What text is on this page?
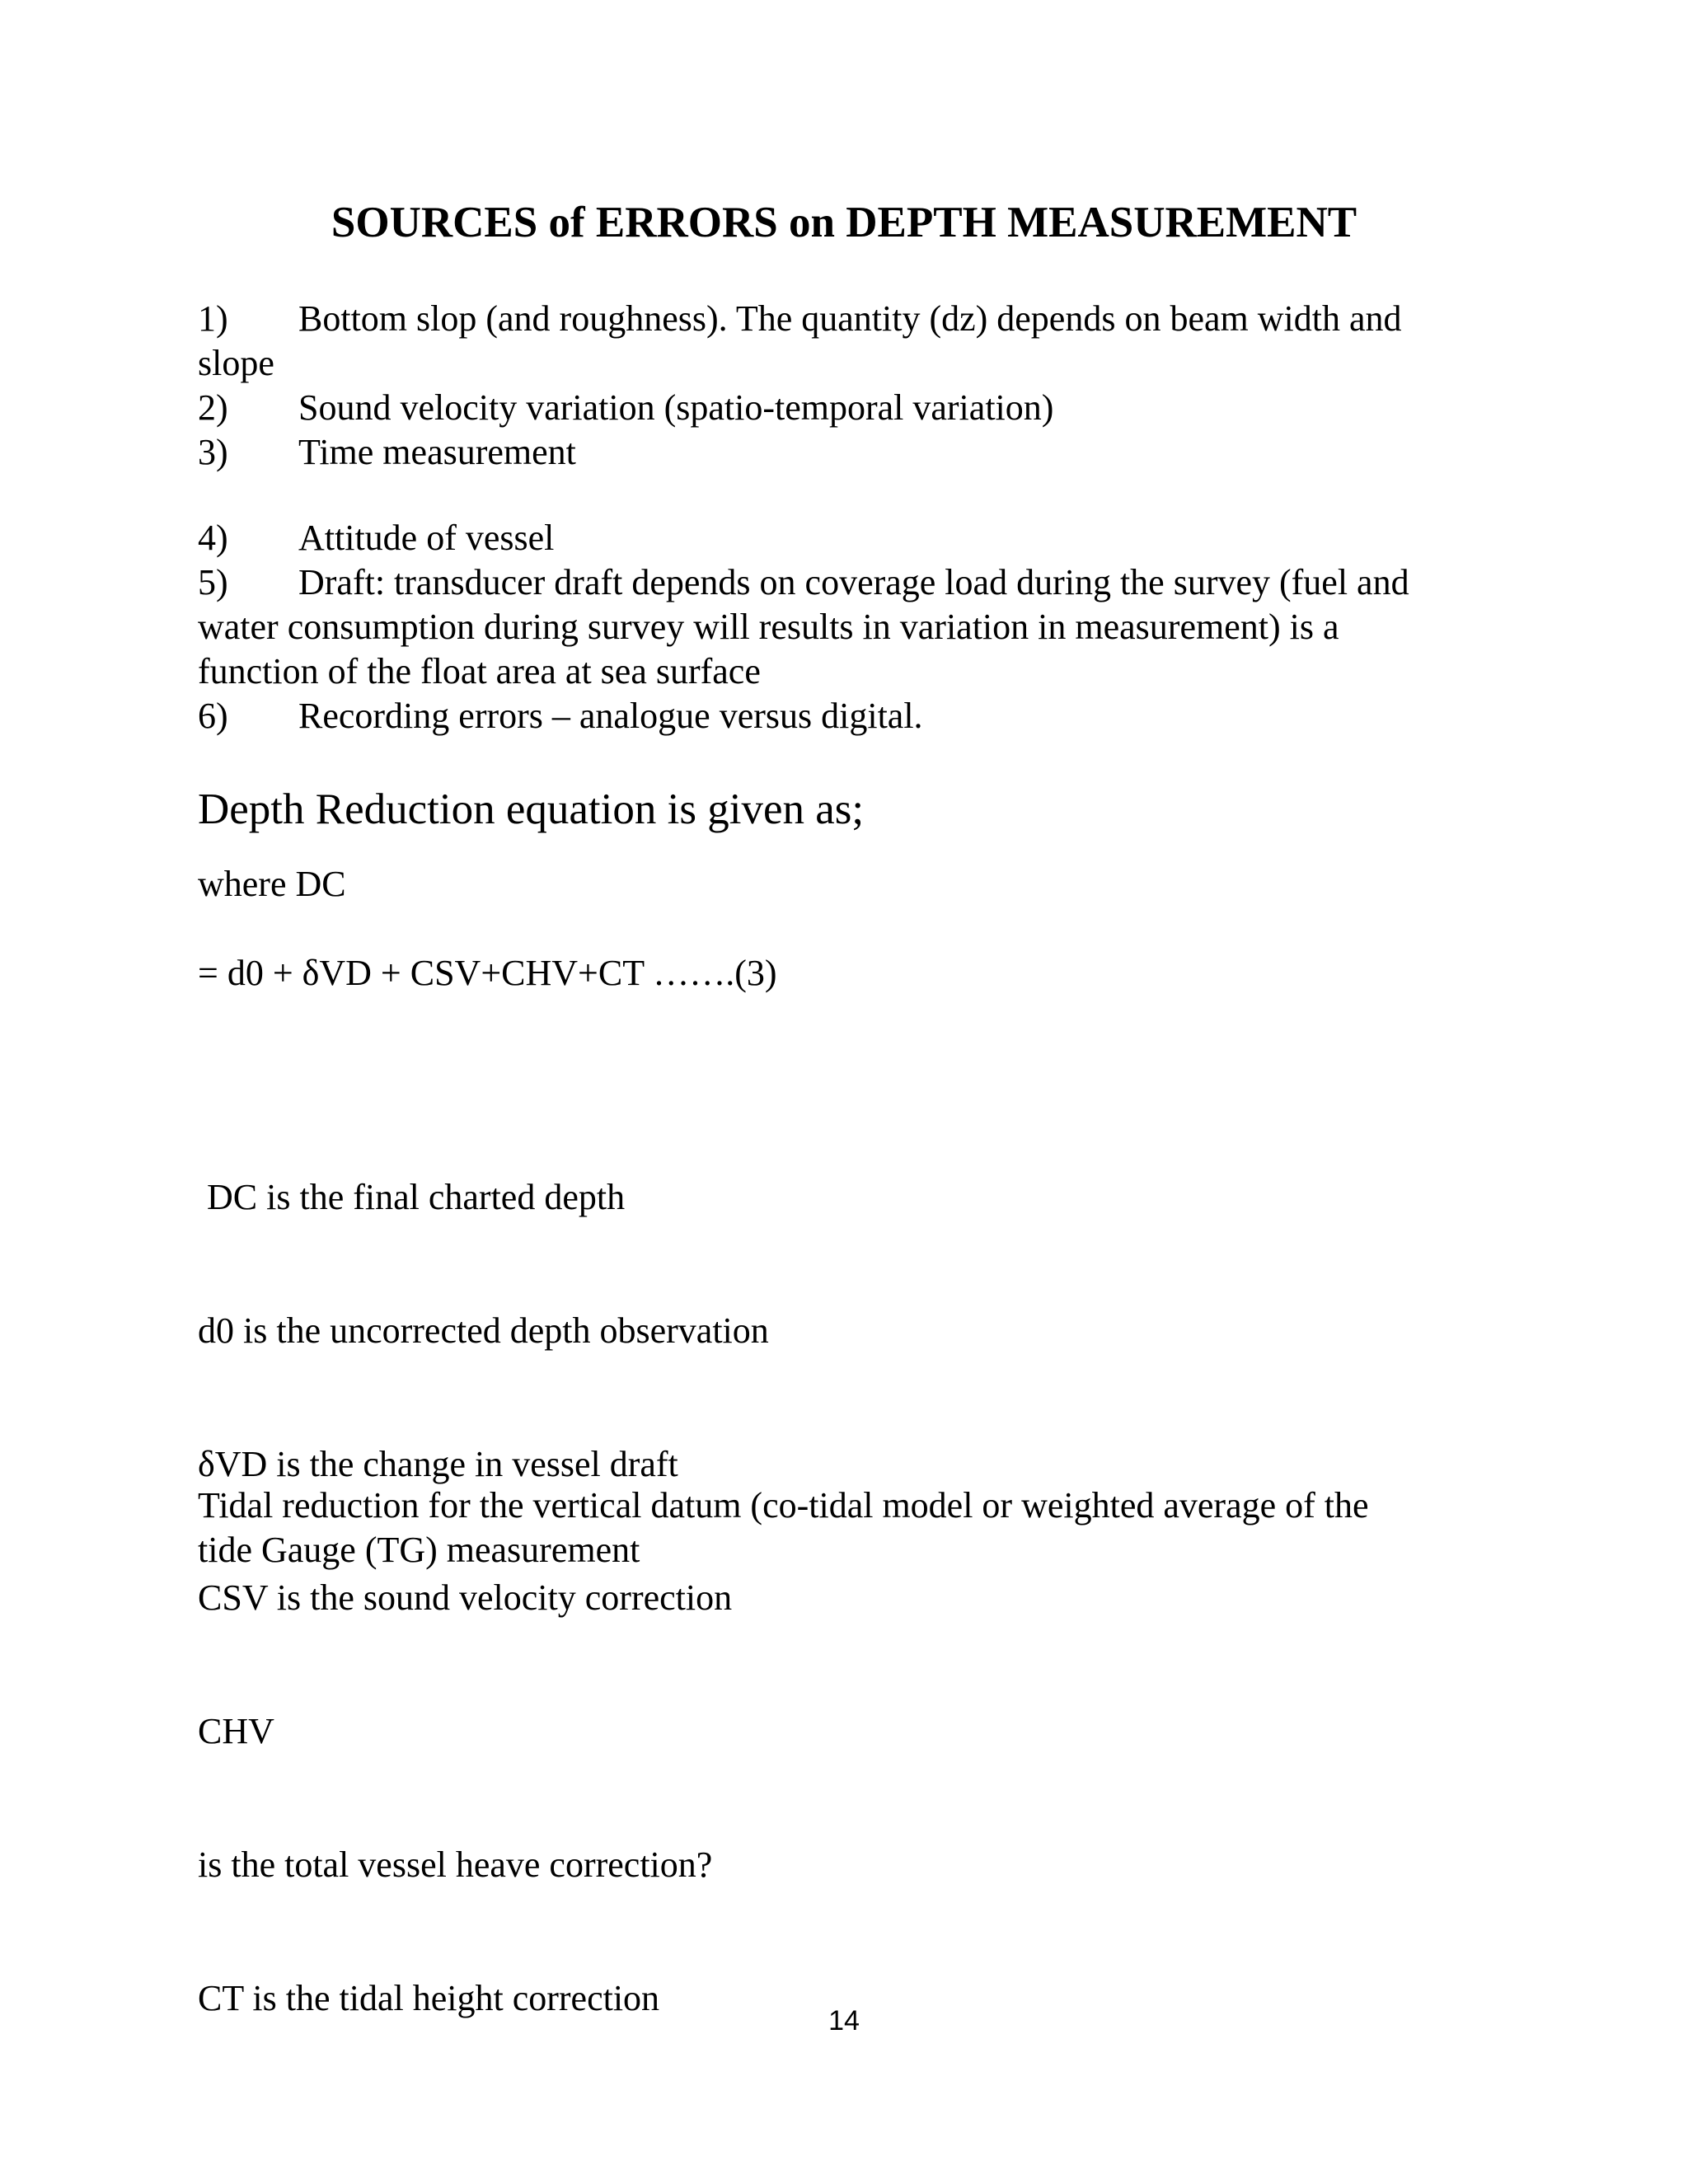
SOURCES of ERRORS on DEPTH MEASUREMENT
1) Bottom slop (and roughness). The quantity (dz) depends on beam width and
slope
2) Sound velocity variation (spatio-temporal variation)
3) Time measurement
4) Attitude of vessel
5) Draft: transducer draft depends on coverage load during the survey (fuel and
water consumption during survey will results in variation in measurement) is a
function of the float area at sea surface
6) Recording errors – analogue versus digital.
Depth Reduction equation is given as;
where DC
= d0 + δVD + CSV+CHV+CT …….(3)

DC is the final charted depth

d0 is the uncorrected depth observation

δVD is the change in vessel draft

CSV is the sound velocity correction

CHV

is the total vessel heave correction?

CT is the tidal height correction

Tidal reduction for the vertical datum (co-tidal model or weighted average of the
tide Gauge (TG) measurement
14
